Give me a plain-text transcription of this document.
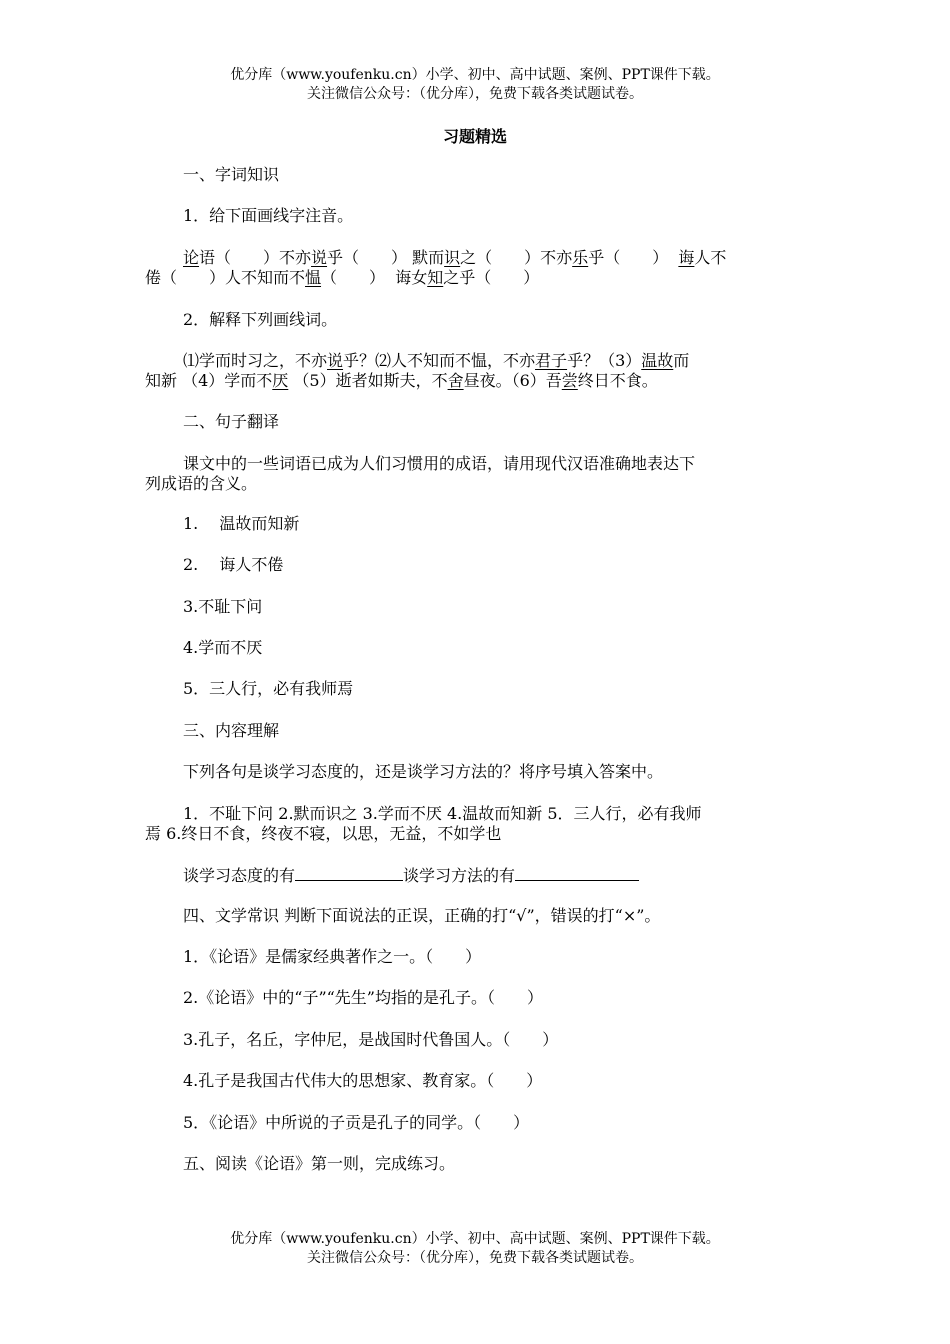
优分库（www.youfenku.cn）小学、初中、高中试题、案例、PPT课件下载。
关注微信公众号：（优分库），免费下载各类试题试卷。
习题精选
一、字词知识
1．给下面画线字注音。
论语（　　）不亦说乎（　　） 默而识之（　　）不亦乐乎（　　）  诲人不
倦（　　）人不知而不愠（　　）  诲女知之乎（　　）
2．解释下列画线词。
⑴学而时习之，不亦说乎？⑵人不知而不愠，不亦君子乎？（3）温故而
知新 （4）学而不厌 （5）逝者如斯夫，不舍昼夜。（6）吾尝终日不食。
二、句子翻译
课文中的一些词语已成为人们习惯用的成语，请用现代汉语准确地表达下
列成语的含义。
1.　 温故而知新
2.　 诲人不倦
3.不耻下问
4.学而不厌
5．三人行，必有我师焉
三、内容理解
下列各句是谈学习态度的，还是谈学习方法的？将序号填入答案中。
1．不耻下问 2.默而识之 3.学而不厌 4.温故而知新 5．三人行，必有我师
焉 6.终日不食，终夜不寝，以思，无益，不如学也
谈学习态度的有	谈学习方法的有
四、文学常识 判断下面说法的正误，正确的打“√”，错误的打“×”。
1．《论语》是儒家经典著作之一。（　　）
2.《论语》中的“子”“先生”均指的是孔子。（　　）
3.孔子，名丘，字仲尼，是战国时代鲁国人。（　　）
4.孔子是我国古代伟大的思想家、教育家。（　　）
5．《论语》中所说的子贡是孔子的同学。（　　）
五、阅读《论语》第一则，完成练习。
优分库（www.youfenku.cn）小学、初中、高中试题、案例、PPT课件下载。
关注微信公众号：（优分库），免费下载各类试题试卷。
